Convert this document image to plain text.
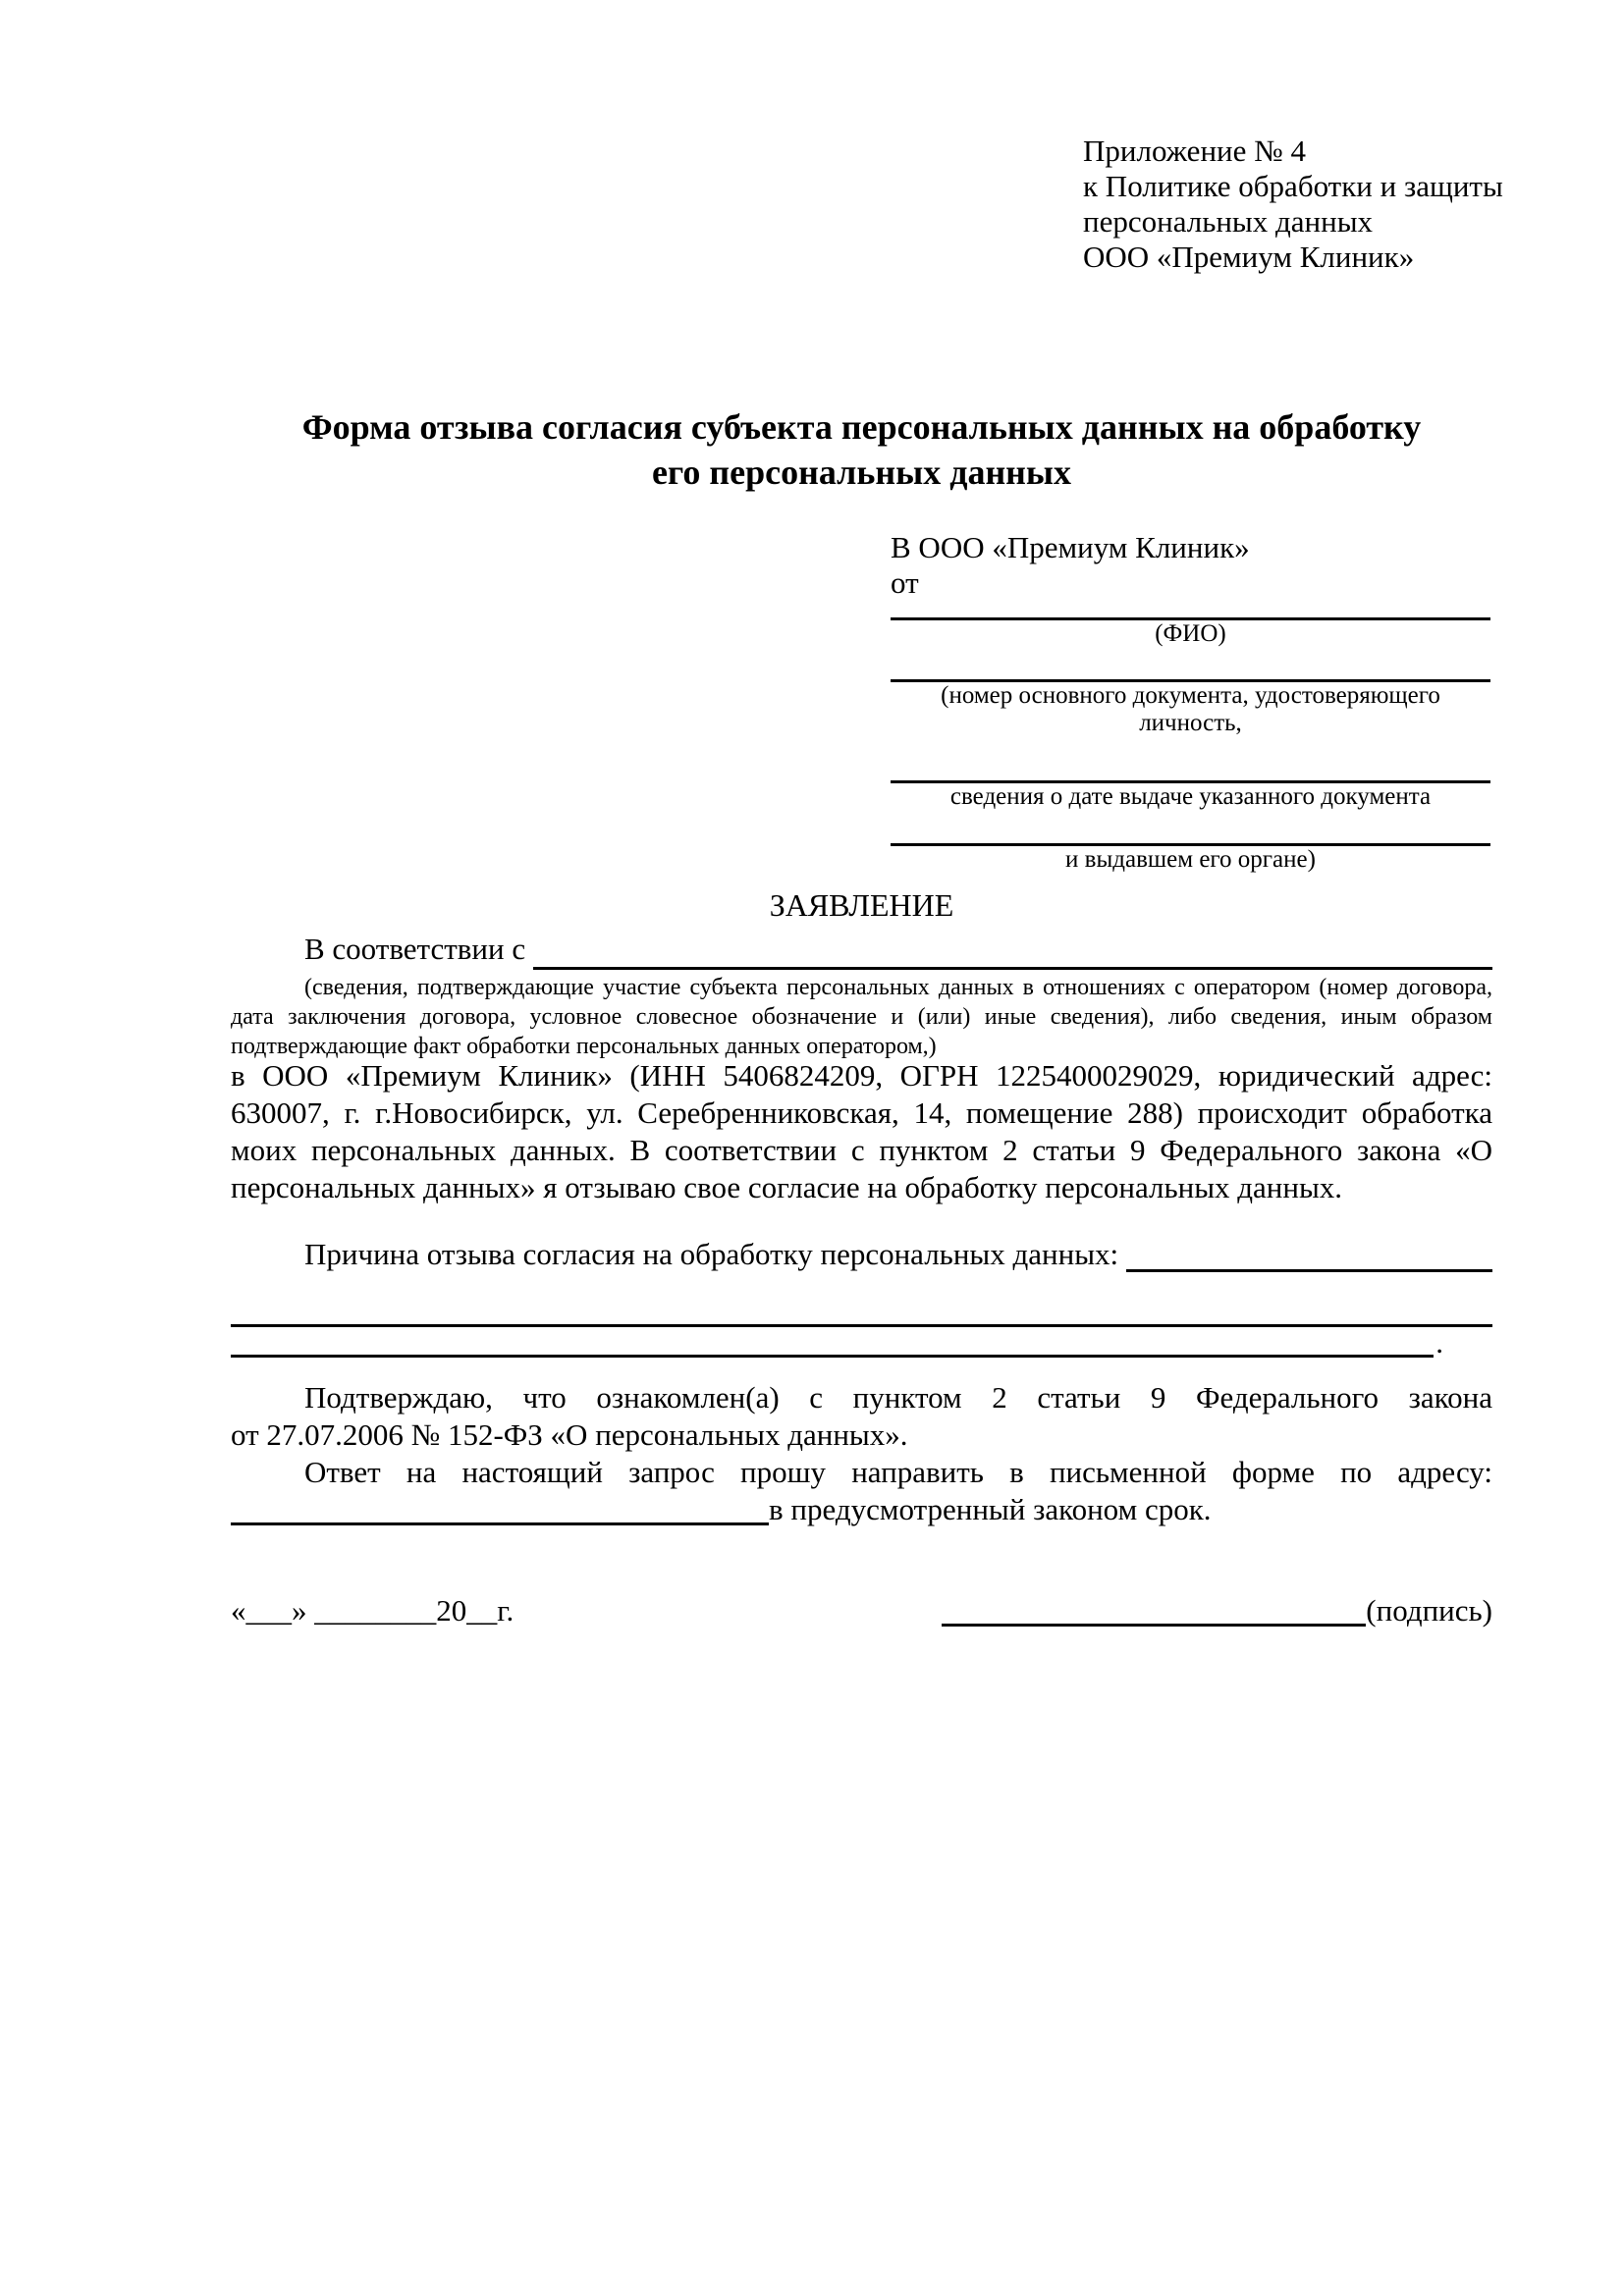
Приложение № 4
к Политике обработки и защиты
персональных данных
ООО «Премиум Клиник»
Форма отзыва согласия субъекта персональных данных на обработку
его персональных данных
В ООО «Премиум Клиник»
от
(ФИО)
(номер основного документа, удостоверяющего личность,
сведения о дате выдаче указанного документа
и выдавшем его органе)
ЗАЯВЛЕНИЕ
В соответствии с
(сведения, подтверждающие участие субъекта персональных данных в отношениях с оператором (номер договора, дата заключения договора, условное словесное обозначение и (или) иные сведения), либо сведения, иным образом подтверждающие факт обработки персональных данных оператором,)
в ООО «Премиум Клиник» (ИНН 5406824209, ОГРН 1225400029029, юридический адрес: 630007, г. г.Новосибирск, ул. Серебренниковская, 14, помещение 288) происходит обработка моих персональных данных. В соответствии с пунктом 2 статьи 9 Федерального закона «О персональных данных» я отзываю свое согласие на обработку персональных данных.
Причина отзыва согласия на обработку персональных данных:
.
Подтверждаю, что ознакомлен(а) с пунктом 2 статьи 9 Федерального закона
от 27.07.2006 № 152-ФЗ «О персональных данных».
Ответ на настоящий запрос прошу направить в письменной форме по адресу: в предусмотренный законом срок.
«___» ________20__г.	(подпись)
